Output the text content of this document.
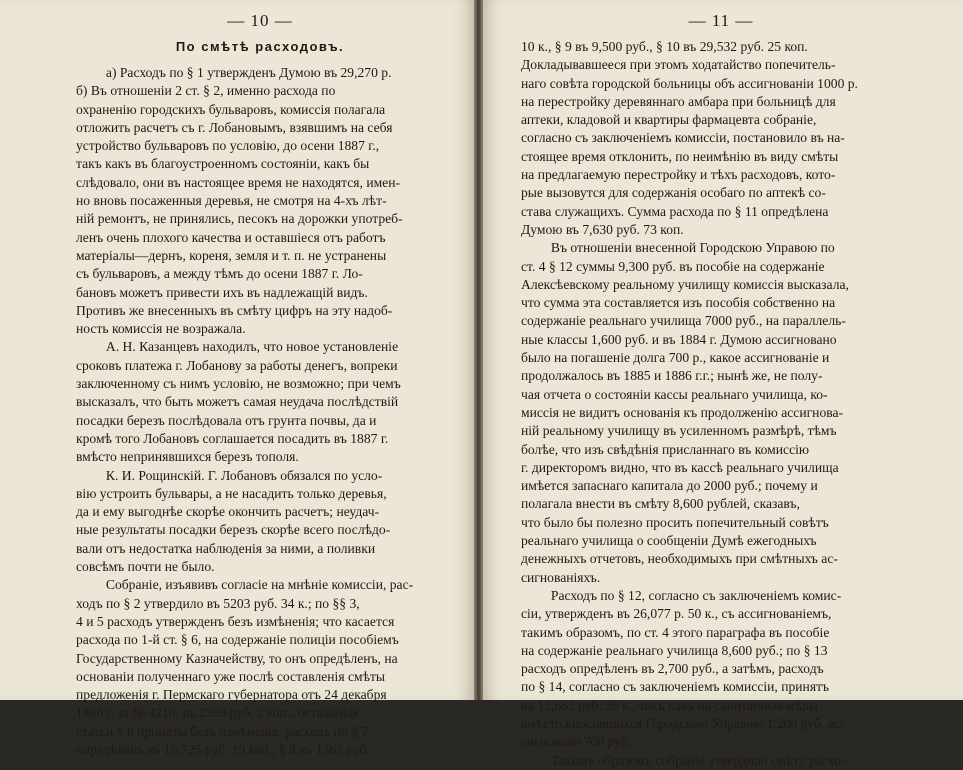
— 10 —
По смѣтѣ расходовъ.
а) Расходъ по § 1 утвержденъ Думою въ 29,270 р.
б) Въ отношеніи 2 ст. § 2, именно расхода по
охраненію городскихъ бульваровъ, комиссія полагала
отложить расчетъ съ г. Лобановымъ, взявшимъ на себя
устройство бульваровъ по условію, до осени 1887 г.,
такъ какъ въ благоустроенномъ состояніи, какъ бы
слѣдовало, они въ настоящее время не находятся, имен-
но вновь посаженныя деревья, не смотря на 4-хъ лѣт-
ній ремонтъ, не принялись, песокъ на дорожки употреб-
ленъ очень плохого качества и оставшіеся отъ работъ
матеріалы—дернъ, кореня, земля и т. п. не устранены
съ бульваровъ, а между тѣмъ до осени 1887 г. Ло-
бановъ можетъ привести ихъ въ надлежащій видъ.
Противъ же внесенныхъ въ смѣту цифръ на эту надоб-
ность комиссія не возражала.
А. Н. Казанцевъ находилъ, что новое установленіе
сроковъ платежа г. Лобанову за работы денегъ, вопреки
заключенному съ нимъ условію, не возможно; при чемъ
высказалъ, что быть можетъ самая неудача послѣдствій
посадки березъ послѣдовала отъ грунта почвы, да и
кромѣ того Лобановъ соглашается посадить въ 1887 г.
вмѣсто непринявшихся березъ тополя.
К. И. Рощинскій. Г. Лобановъ обязался по усло-
вію устроить бульвары, а не насадить только деревья,
да и ему выгоднѣе скорѣе окончить расчетъ; неудач-
ные результаты посадки березъ скорѣе всего послѣдо-
вали отъ недостатка наблюденія за ними, а поливки
совсѣмъ почти не было.
Собраніе, изъявивъ согласіе на мнѣніе комиссіи, рас-
ходъ по § 2 утвердило въ 5203 руб. 34 к.; по §§ 3,
4 и 5 расходъ утвержденъ безъ измѣненія; что касается
расхода по 1-й ст. § 6, на содержаніе полиціи пособіемъ
Государственному Казначейству, то онъ опредѣленъ, на
основаніи полученнаго уже послѣ составленія смѣты
предложенія г. Пермскаго губернатора отъ 24 декабря
1886 г. за № 4210, въ 2339 руб. 2 коп.; остальныя
статьи § 6 приняты безъ измѣненія; расходъ по § 7
опредѣленъ въ 16,725 руб. 19 коп., § 8 въ 1362 руб.
— 11 —
10 к., § 9 въ 9,500 руб., § 10 въ 29,532 руб. 25 коп.
Докладывавшееся при этомъ ходатайство попечитель-
наго совѣта городской больницы объ ассигнованіи 1000 р.
на перестройку деревяннаго амбара при больницѣ для
аптеки, кладовой и квартиры фармацевта собраніе,
согласно съ заключеніемъ комиссіи, постановило въ на-
стоящее время отклонить, по неимѣнію въ виду смѣты
на предлагаемую перестройку и тѣхъ расходовъ, кото-
рые вызовутся для содержанія особаго по аптекѣ со-
става служащихъ. Сумма расхода по § 11 опредѣлена
Думою въ 7,630 руб. 73 коп.
Въ отношеніи внесенной Городскою Управою по
ст. 4 § 12 суммы 9,300 руб. въ пособіе на содержаніе
Алексѣевскому реальному училищу комиссія высказала,
что сумма эта составляется изъ пособія собственно на
содержаніе реальнаго училища 7000 руб., на параллель-
ные классы 1,600 руб. и въ 1884 г. Думою ассигновано
было на погашеніе долга 700 р., какое ассигнованіе и
продолжалось въ 1885 и 1886 г.г.; нынѣ же, не полу-
чая отчета о состояніи кассы реальнаго училища, ко-
миссія не видитъ основанія къ продолженію ассигнова-
ній реальному училищу въ усиленномъ размѣрѣ, тѣмъ
болѣе, что изъ свѣдѣнія присланнаго въ комиссію
г. директоромъ видно, что въ кассѣ реальнаго училища
имѣется запаснаго капитала до 2000 руб.; почему и
полагала внести въ смѣту 8,600 рублей, сказавъ,
что было бы полезно просить попечительный совѣтъ
реальнаго училища о сообщеніи Думѣ ежегодныхъ
денежныхъ отчетовъ, необходимыхъ при смѣтныхъ ас-
сигнованіяхъ.
Расходъ по § 12, согласно съ заключеніемъ комис-
сіи, утвержденъ въ 26,077 р. 50 к., съ ассигнованіемъ,
такимъ образомъ, по ст. 4 этого параграфа въ пособіе
на содержаніе реальнаго училища 8,600 руб.; по § 13
расходъ опредѣленъ въ 2,700 руб., а затѣмъ, расходъ
по § 14, согласно съ заключеніемъ комиссіи, принятъ
въ 12,652 руб. 26 к., такъ какъ на санитарныя мѣры
вмѣсто вносившихся Городскою Управою 1,200 руб. ас-
сигновано 700 руб.
Такимъ образомъ собраніе утвердило смѣту расхо-
